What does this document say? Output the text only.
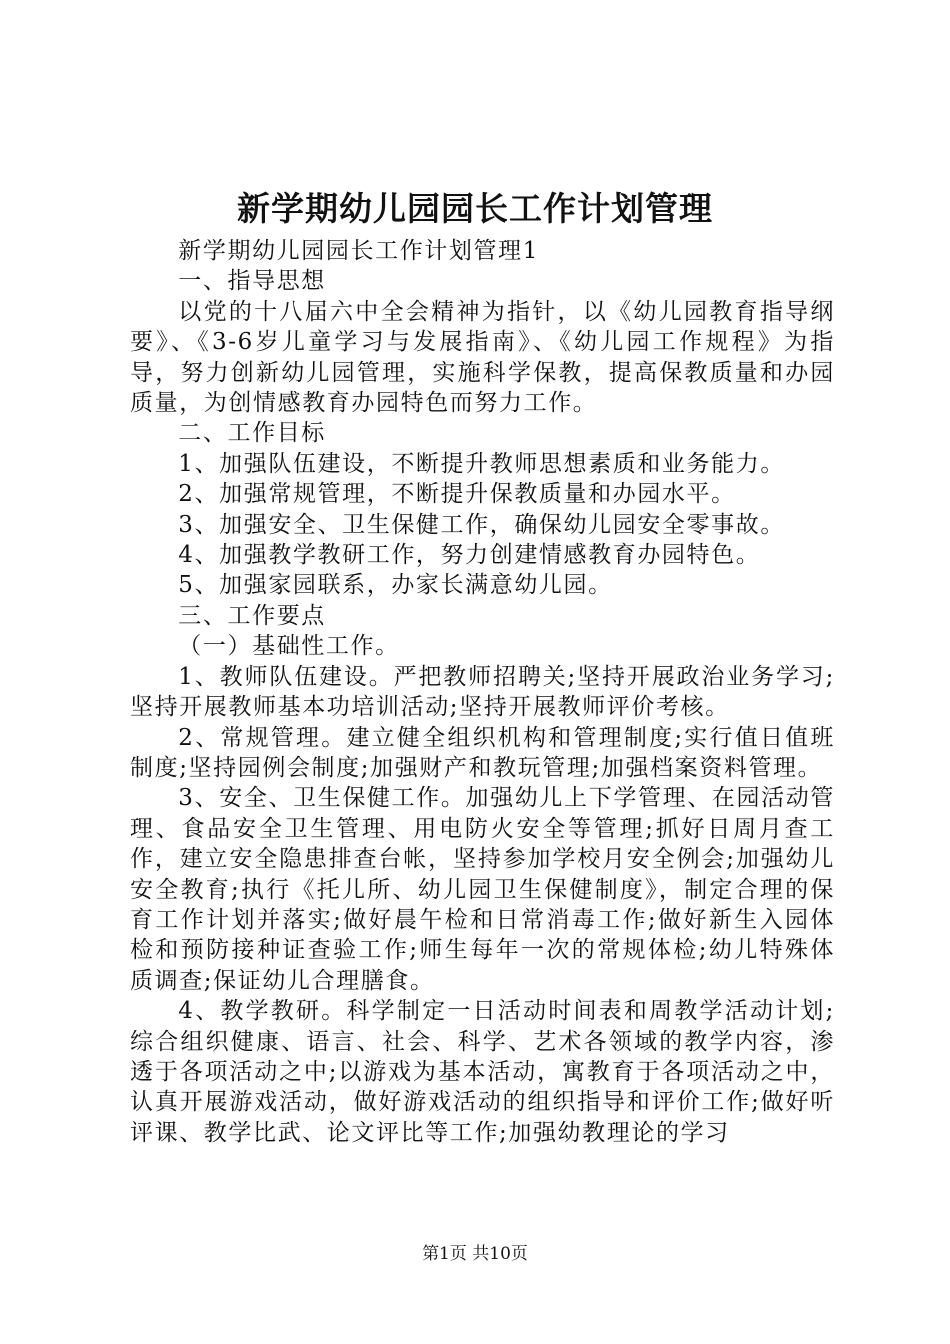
新学期幼儿园园长工作计划管理

新学期幼儿园园长工作计划管理1

一、指导思想

以党的十八届六中全会精神为指针，以《幼儿园教育指导纲要》、《3-6岁儿童学习与发展指南》、《幼儿园工作规程》为指导，努力创新幼儿园管理，实施科学保教，提高保教质量和办园质量，为创情感教育办园特色而努力工作。

二、工作目标

1、加强队伍建设，不断提升教师思想素质和业务能力。

2、加强常规管理，不断提升保教质量和办园水平。

3、加强安全、卫生保健工作，确保幼儿园安全零事故。

4、加强教学教研工作，努力创建情感教育办园特色。

5、加强家园联系，办家长满意幼儿园。

三、工作要点

（一）基础性工作。

1、教师队伍建设。严把教师招聘关;坚持开展政治业务学习;坚持开展教师基本功培训活动;坚持开展教师评价考核。

2、常规管理。建立健全组织机构和管理制度;实行值日值班制度;坚持园例会制度;加强财产和教玩管理;加强档案资料管理。

3、安全、卫生保健工作。加强幼儿上下学管理、在园活动管理、食品安全卫生管理、用电防火安全等管理;抓好日周月查工作，建立安全隐患排查台帐，坚持参加学校月安全例会;加强幼儿安全教育;执行《托儿所、幼儿园卫生保健制度》，制定合理的保育工作计划并落实;做好晨午检和日常消毒工作;做好新生入园体检和预防接种证查验工作;师生每年一次的常规体检;幼儿特殊体质调查;保证幼儿合理膳食。

4、教学教研。科学制定一日活动时间表和周教学活动计划;综合组织健康、语言、社会、科学、艺术各领域的教学内容，渗透于各项活动之中;以游戏为基本活动，寓教育于各项活动之中，认真开展游戏活动，做好游戏活动的组织指导和评价工作;做好听评课、教学比武、论文评比等工作;加强幼教理论的学习

第1页 共10页
